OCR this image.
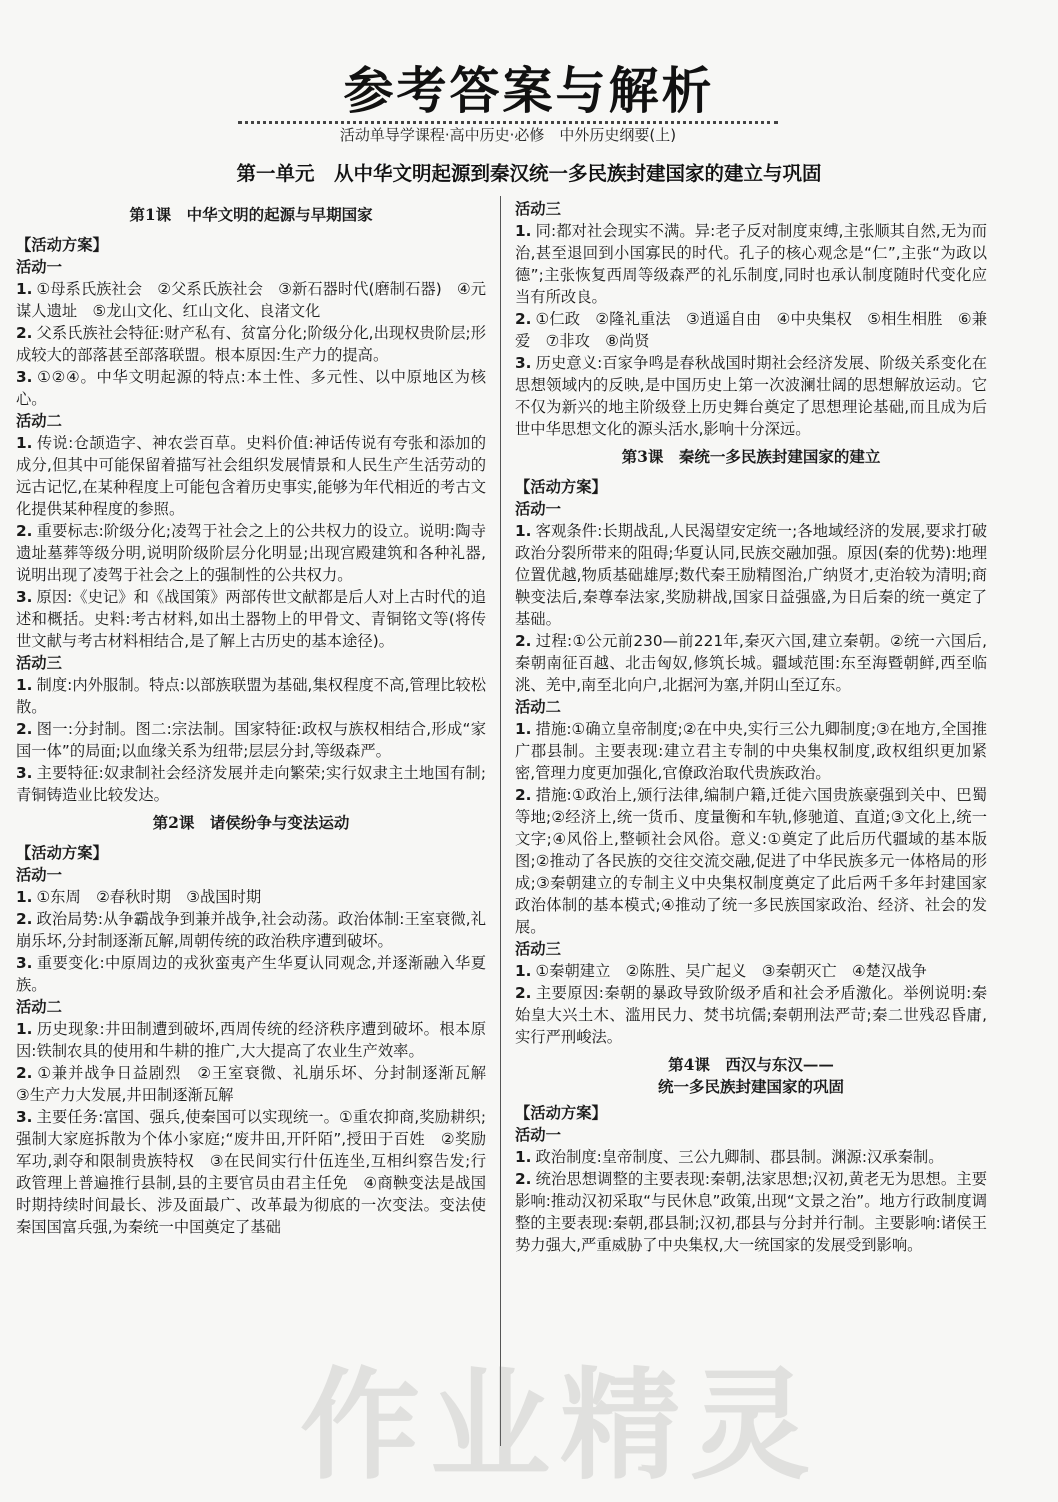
参考答案与解析
活动单导学课程·高中历史·必修　中外历史纲要(上)
第一单元　从中华文明起源到秦汉统一多民族封建国家的建立与巩固
第1课　中华文明的起源与早期国家

【活动方案】

活动一

1. ①母系氏族社会　②父系氏族社会　③新石器时代(磨制石器)　④元谋人遗址　⑤龙山文化、红山文化、良渚文化

2. 父系氏族社会特征:财产私有、贫富分化;阶级分化,出现权贵阶层;形成较大的部落甚至部落联盟。根本原因:生产力的提高。

3. ①②④。中华文明起源的特点:本土性、多元性、以中原地区为核心。

活动二

1. 传说:仓颉造字、神农尝百草。史料价值:神话传说有夸张和添加的成分,但其中可能保留着描写社会组织发展情景和人民生产生活劳动的远古记忆,在某种程度上可能包含着历史事实,能够为年代相近的考古文化提供某种程度的参照。

2. 重要标志:阶级分化;凌驾于社会之上的公共权力的设立。说明:陶寺遗址墓葬等级分明,说明阶级阶层分化明显;出现宫殿建筑和各种礼器,说明出现了凌驾于社会之上的强制性的公共权力。

3. 原因:《史记》和《战国策》两部传世文献都是后人对上古时代的追述和概括。史料:考古材料,如出土器物上的甲骨文、青铜铭文等(将传世文献与考古材料相结合,是了解上古历史的基本途径)。

活动三

1. 制度:内外服制。特点:以部族联盟为基础,集权程度不高,管理比较松散。

2. 图一:分封制。图二:宗法制。国家特征:政权与族权相结合,形成“家国一体”的局面;以血缘关系为纽带;层层分封,等级森严。

3. 主要特征:奴隶制社会经济发展并走向繁荣;实行奴隶主土地国有制;青铜铸造业比较发达。

第2课　诸侯纷争与变法运动

【活动方案】

活动一

1. ①东周　②春秋时期　③战国时期

2. 政治局势:从争霸战争到兼并战争,社会动荡。政治体制:王室衰微,礼崩乐坏,分封制逐渐瓦解,周朝传统的政治秩序遭到破坏。

3. 重要变化:中原周边的戎狄蛮夷产生华夏认同观念,并逐渐融入华夏族。

活动二

1. 历史现象:井田制遭到破坏,西周传统的经济秩序遭到破坏。根本原因:铁制农具的使用和牛耕的推广,大大提高了农业生产效率。

2. ①兼并战争日益剧烈　②王室衰微、礼崩乐坏、分封制逐渐瓦解　③生产力大发展,井田制逐渐瓦解

3. 主要任务:富国、强兵,使秦国可以实现统一。①重农抑商,奖励耕织;强制大家庭拆散为个体小家庭;“废井田,开阡陌”,授田于百姓　②奖励军功,剥夺和限制贵族特权　③在民间实行什伍连坐,互相纠察告发;行政管理上普遍推行县制,县的主要官员由君主任免　④商鞅变法是战国时期持续时间最长、涉及面最广、改革最为彻底的一次变法。变法使秦国国富兵强,为秦统一中国奠定了基础

活动三

1. 同:都对社会现实不满。异:老子反对制度束缚,主张顺其自然,无为而治,甚至退回到小国寡民的时代。孔子的核心观念是“仁”,主张“为政以德”;主张恢复西周等级森严的礼乐制度,同时也承认制度随时代变化应当有所改良。

2. ①仁政　②隆礼重法　③逍遥自由　④中央集权　⑤相生相胜　⑥兼爱　⑦非攻　⑧尚贤

3. 历史意义:百家争鸣是春秋战国时期社会经济发展、阶级关系变化在思想领域内的反映,是中国历史上第一次波澜壮阔的思想解放运动。它不仅为新兴的地主阶级登上历史舞台奠定了思想理论基础,而且成为后世中华思想文化的源头活水,影响十分深远。

第3课　秦统一多民族封建国家的建立

【活动方案】

活动一

1. 客观条件:长期战乱,人民渴望安定统一;各地域经济的发展,要求打破政治分裂所带来的阻碍;华夏认同,民族交融加强。原因(秦的优势):地理位置优越,物质基础雄厚;数代秦王励精图治,广纳贤才,吏治较为清明;商鞅变法后,秦尊奉法家,奖励耕战,国家日益强盛,为日后秦的统一奠定了基础。

2. 过程:①公元前230—前221年,秦灭六国,建立秦朝。②统一六国后,秦朝南征百越、北击匈奴,修筑长城。疆域范围:东至海暨朝鲜,西至临洮、羌中,南至北向户,北据河为塞,并阴山至辽东。

活动二

1. 措施:①确立皇帝制度;②在中央,实行三公九卿制度;③在地方,全国推广郡县制。主要表现:建立君主专制的中央集权制度,政权组织更加紧密,管理力度更加强化,官僚政治取代贵族政治。

2. 措施:①政治上,颁行法律,编制户籍,迁徙六国贵族豪强到关中、巴蜀等地;②经济上,统一货币、度量衡和车轨,修驰道、直道;③文化上,统一文字;④风俗上,整顿社会风俗。意义:①奠定了此后历代疆域的基本版图;②推动了各民族的交往交流交融,促进了中华民族多元一体格局的形成;③秦朝建立的专制主义中央集权制度奠定了此后两千多年封建国家政治体制的基本模式;④推动了统一多民族国家政治、经济、社会的发展。

活动三

1. ①秦朝建立　②陈胜、吴广起义　③秦朝灭亡　④楚汉战争

2. 主要原因:秦朝的暴政导致阶级矛盾和社会矛盾激化。举例说明:秦始皇大兴土木、滥用民力、焚书坑儒;秦朝刑法严苛;秦二世残忍昏庸,实行严刑峻法。

第4课　西汉与东汉——
统一多民族封建国家的巩固

【活动方案】

活动一

1. 政治制度:皇帝制度、三公九卿制、郡县制。渊源:汉承秦制。

2. 统治思想调整的主要表现:秦朝,法家思想;汉初,黄老无为思想。主要影响:推动汉初采取“与民休息”政策,出现“文景之治”。地方行政制度调整的主要表现:秦朝,郡县制;汉初,郡县与分封并行制。主要影响:诸侯王势力强大,严重威胁了中央集权,大一统国家的发展受到影响。

作业精灵
